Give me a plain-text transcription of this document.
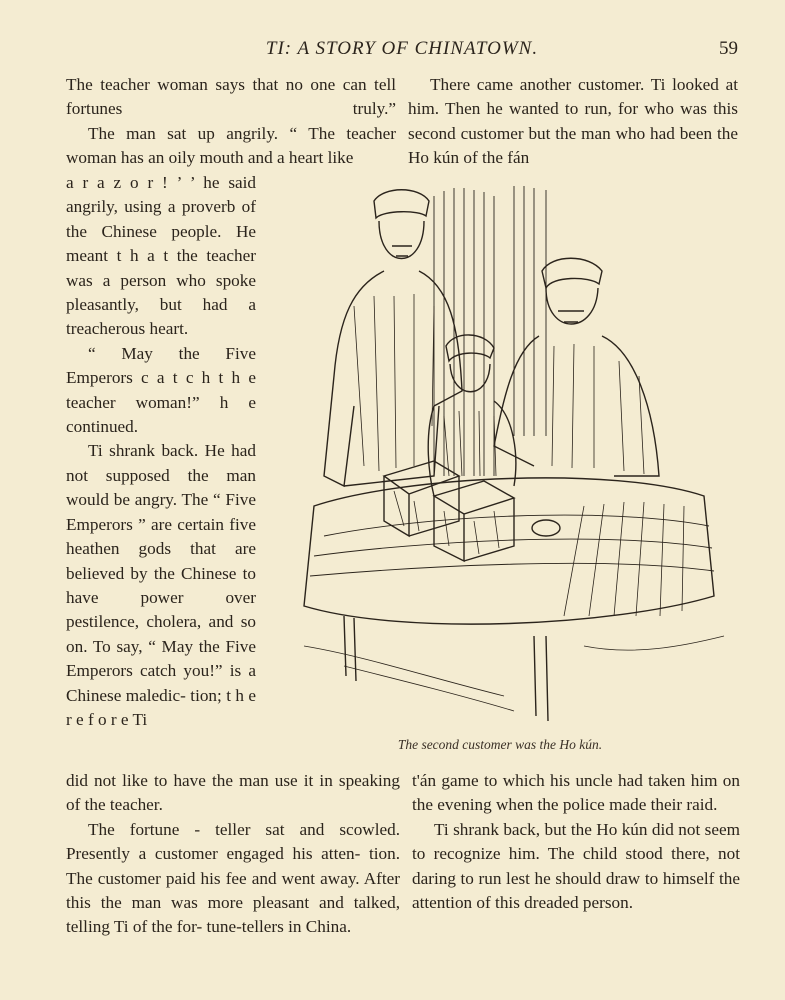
TI: A STORY OF CHINATOWN.	59

The teacher woman says that no one can tell fortunes truly.”

The man sat up angrily. “ The teacher woman has an oily mouth and a heart like

a r a z o r ! ’ ’ he said angrily, using a proverb of the Chinese people. He meant t h a t the teacher was a person who spoke pleasantly, but had a treacherous heart.

“ May the Five Emperors c a t c h t h e teacher woman!” h e continued.

Ti shrank back. He had not supposed the man would be angry. The “ Five Emperors ” are certain five heathen gods that are believed by the Chinese to have power over pestilence, cholera, and so on. To say, “ May the Five Emperors catch you!” is a Chinese maledic- tion; t h e r e f o r e Ti

There came another customer. Ti looked at him. Then he wanted to run, for who was this second customer but the man who had been the Ho kún of the fán

The second customer was the Ho kún.

did not like to have the man use it in speaking of the teacher.

The fortune - teller sat and scowled. Presently a customer engaged his atten- tion. The customer paid his fee and went away. After this the man was more pleasant and talked, telling Ti of the for- tune-tellers in China.

t'án game to which his uncle had taken him on the evening when the police made their raid.

Ti shrank back, but the Ho kún did not seem to recognize him. The child stood there, not daring to run lest he should draw to himself the attention of this dreaded person.
